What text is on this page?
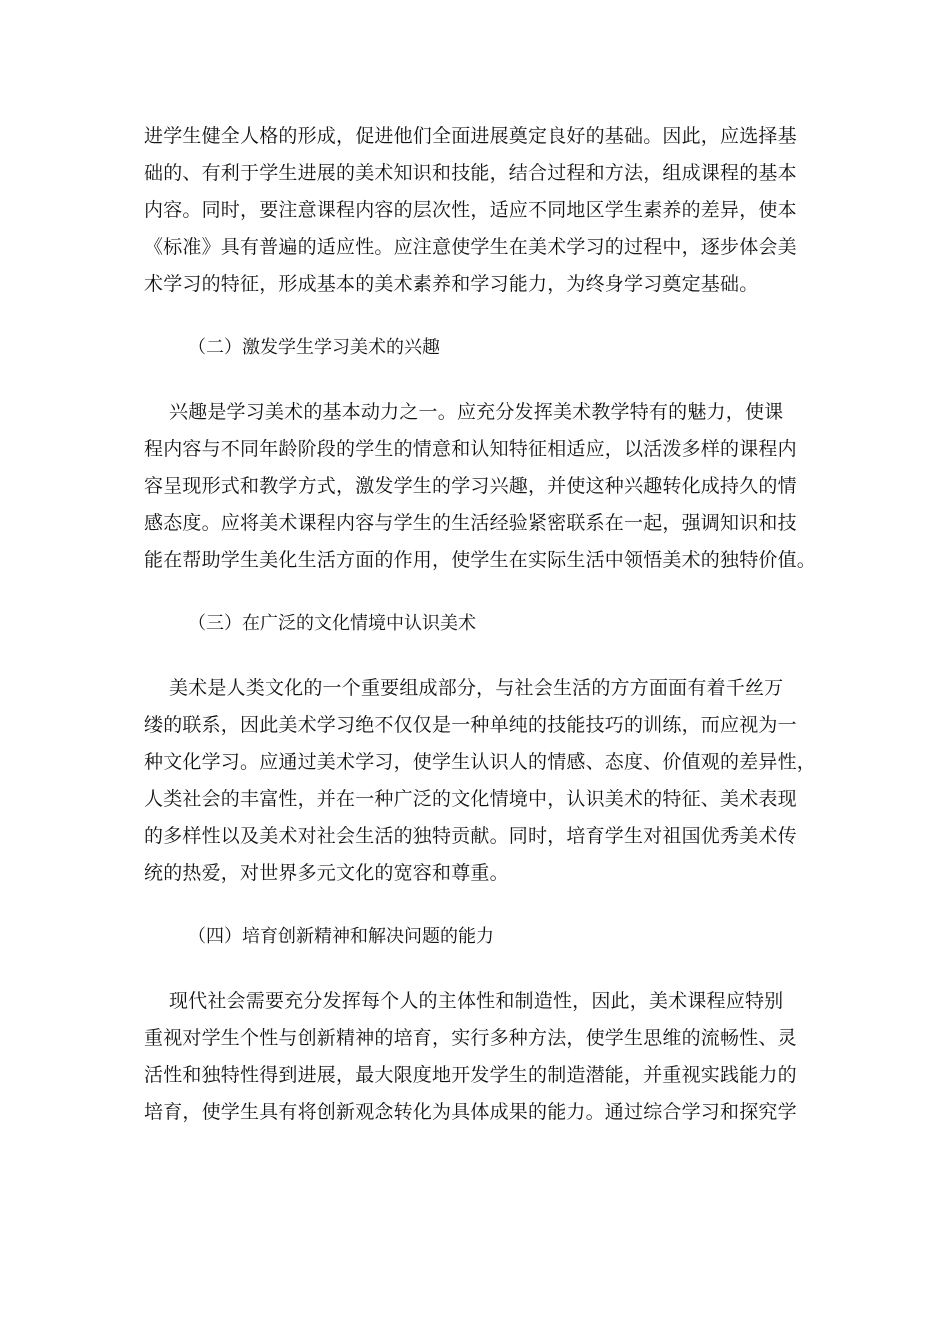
进学生健全人格的形成，促进他们全面进展奠定良好的基础。因此，应选择基
础的、有利于学生进展的美术知识和技能，结合过程和方法，组成课程的基本
内容。同时，要注意课程内容的层次性，适应不同地区学生素养的差异，使本
《标准》具有普遍的适应性。应注意使学生在美术学习的过程中，逐步体会美
术学习的特征，形成基本的美术素养和学习能力，为终身学习奠定基础。

（二）激发学生学习美术的兴趣

兴趣是学习美术的基本动力之一。应充分发挥美术教学特有的魅力，使课
程内容与不同年龄阶段的学生的情意和认知特征相适应，以活泼多样的课程内
容呈现形式和教学方式，激发学生的学习兴趣，并使这种兴趣转化成持久的情
感态度。应将美术课程内容与学生的生活经验紧密联系在一起，强调知识和技
能在帮助学生美化生活方面的作用，使学生在实际生活中领悟美术的独特价值。

（三）在广泛的文化情境中认识美术

美术是人类文化的一个重要组成部分，与社会生活的方方面面有着千丝万
缕的联系，因此美术学习绝不仅仅是一种单纯的技能技巧的训练，而应视为一
种文化学习。应通过美术学习，使学生认识人的情感、态度、价值观的差异性，
人类社会的丰富性，并在一种广泛的文化情境中，认识美术的特征、美术表现
的多样性以及美术对社会生活的独特贡献。同时，培育学生对祖国优秀美术传
统的热爱，对世界多元文化的宽容和尊重。

（四）培育创新精神和解决问题的能力

现代社会需要充分发挥每个人的主体性和制造性，因此，美术课程应特别
重视对学生个性与创新精神的培育，实行多种方法，使学生思维的流畅性、灵
活性和独特性得到进展，最大限度地开发学生的制造潜能，并重视实践能力的
培育，使学生具有将创新观念转化为具体成果的能力。通过综合学习和探究学
